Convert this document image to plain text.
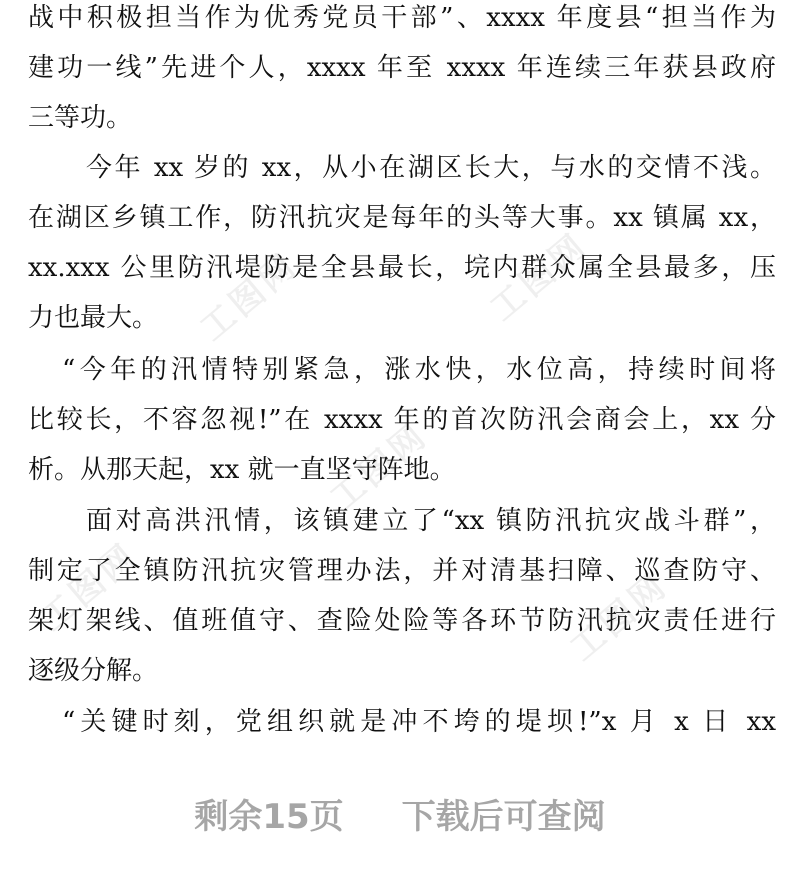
工图网	工图网
工图网
工图网	工图网
战中积极担当作为优秀党员干部”、xxxx 年度县“担当作为
建功一线”先进个人，xxxx 年至 xxxx 年连续三年获县政府
三等功。
今年 xx 岁的 xx，从小在湖区长大，与水的交情不浅。
在湖区乡镇工作，防汛抗灾是每年的头等大事。xx 镇属 xx，
xx.xxx 公里防汛堤防是全县最长，垸内群众属全县最多，压
力也最大。
“今年的汛情特别紧急，涨水快，水位高，持续时间将
比较长，不容忽视!”在 xxxx 年的首次防汛会商会上，xx 分
析。从那天起，xx 就一直坚守阵地。
面对高洪汛情，该镇建立了“xx 镇防汛抗灾战斗群”，
制定了全镇防汛抗灾管理办法，并对清基扫障、巡查防守、
架灯架线、值班值守、查险处险等各环节防汛抗灾责任进行
逐级分解。
“关键时刻，党组织就是冲不垮的堤坝!”x 月 x 日 xx
剩余15页 下载后可查阅
